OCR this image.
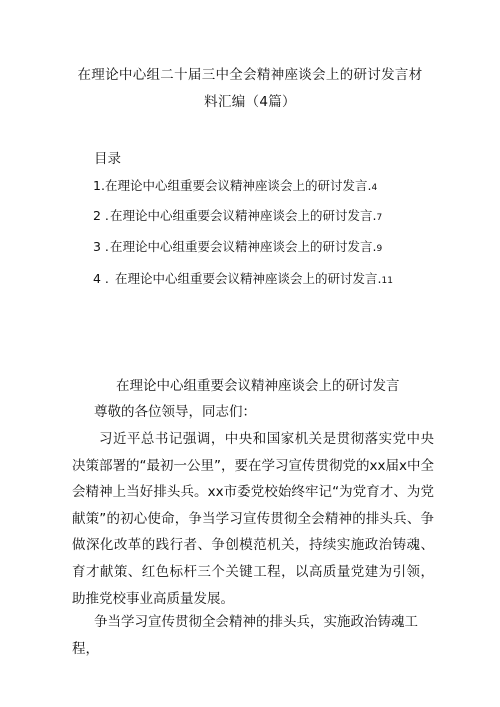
在理论中心组二十届三中全会精神座谈会上的研讨发言材
料汇编（4篇）
目录
1.在理论中心组重要会议精神座谈会上的研讨发言.4
2 .在理论中心组重要会议精神座谈会上的研讨发言.7
3 .在理论中心组重要会议精神座谈会上的研讨发言.9
4 . 在理论中心组重要会议精神座谈会上的研讨发言.11
在理论中心组重要会议精神座谈会上的研讨发言
尊敬的各位领导，同志们：

习近平总书记强调，中央和国家机关是贯彻落实党中央决策部署的“最初一公里”，要在学习宣传贯彻党的xx届x中全会精神上当好排头兵。xx市委党校始终牢记“为党育才、为党献策”的初心使命，争当学习宣传贯彻全会精神的排头兵、争做深化改革的践行者、争创模范机关，持续实施政治铸魂、育才献策、红色标杆三个关键工程，以高质量党建为引领，助推党校事业高质量发展。

争当学习宣传贯彻全会精神的排头兵，实施政治铸魂工程，
